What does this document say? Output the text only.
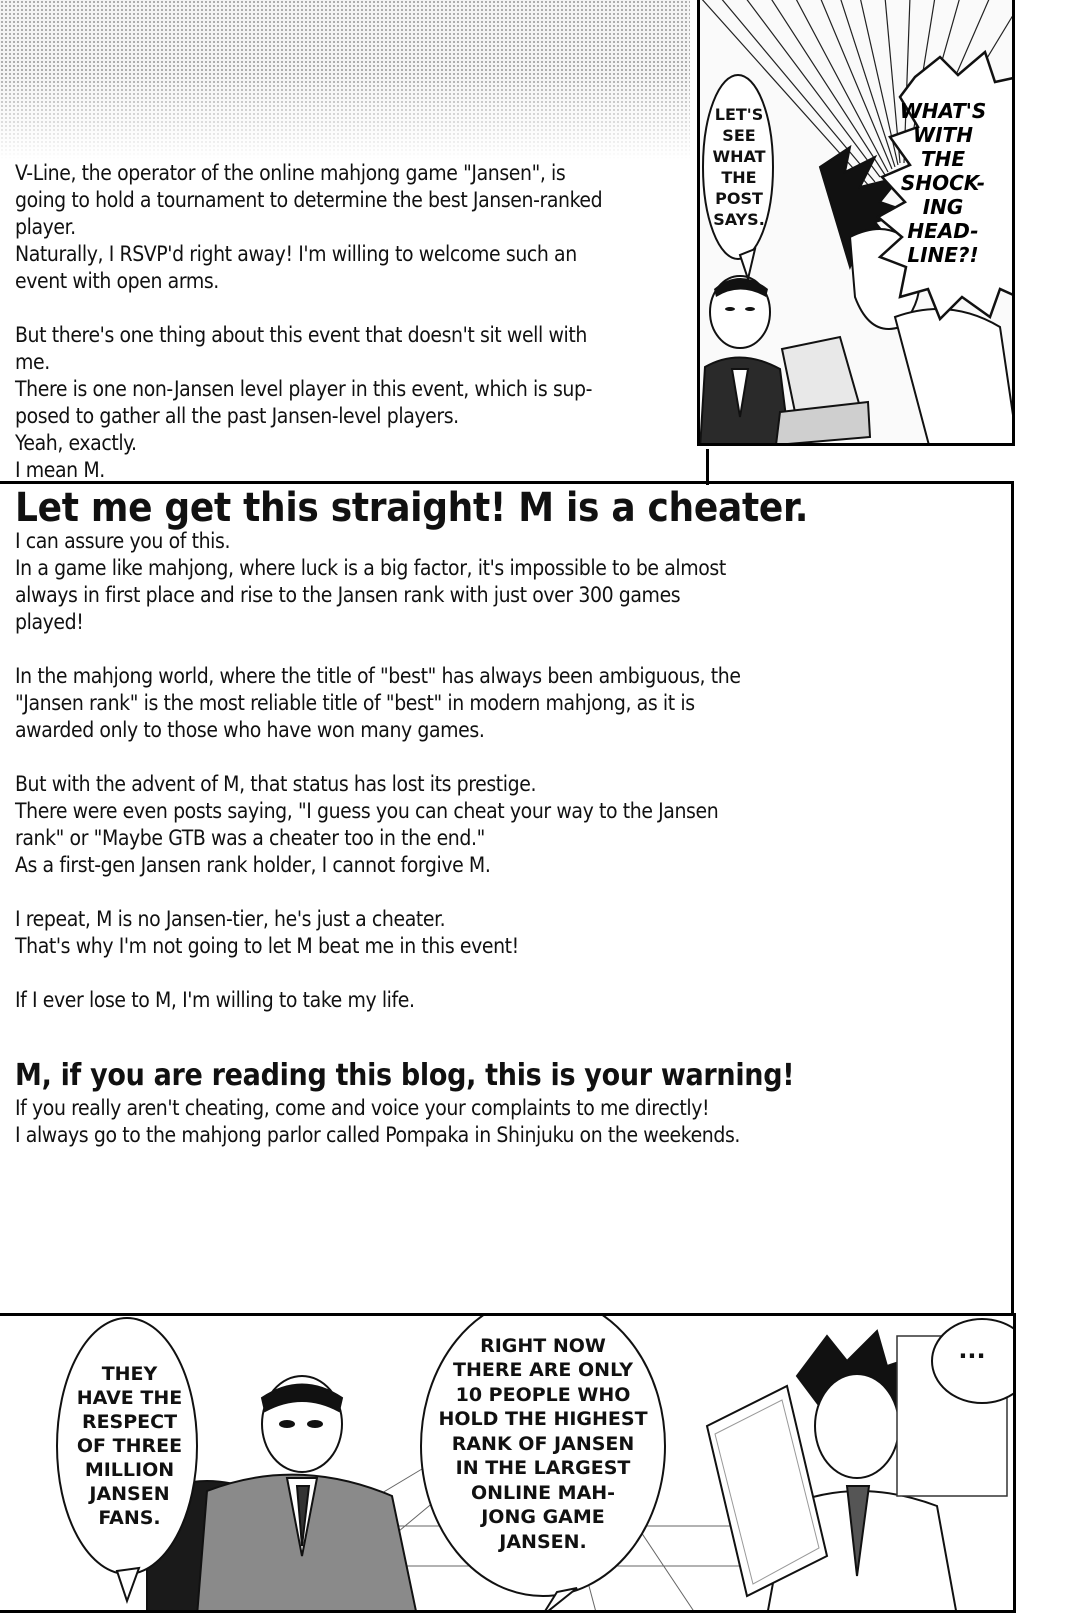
LET'S
SEE
WHAT
THE
POST
SAYS.
WHAT'S
WITH
THE
SHOCK-
ING
HEAD-
LINE?!

V-Line, the operator of the online mahjong game "Jansen", is
going to hold a tournament to determine the best Jansen-ranked
player.

Naturally, I RSVP'd right away! I'm willing to welcome such an
event with open arms.

But there's one thing about this event that doesn't sit well with
me.

There is one non-Jansen level player in this event, which is sup-
posed to gather all the past Jansen-level players.

Yeah, exactly.

I mean M.

Let me get this straight! M is a cheater.

I can assure you of this.

In a game like mahjong, where luck is a big factor, it's impossible to be almost
always in first place and rise to the Jansen rank with just over 300 games
played!

In the mahjong world, where the title of "best" has always been ambiguous, the
"Jansen rank" is the most reliable title of "best" in modern mahjong, as it is
awarded only to those who have won many games.

But with the advent of M, that status has lost its prestige.

There were even posts saying, "I guess you can cheat your way to the Jansen
rank" or "Maybe GTB was a cheater too in the end."

As a first-gen Jansen rank holder, I cannot forgive M.

I repeat, M is no Jansen-tier, he's just a cheater.

That's why I'm not going to let M beat me in this event!

If I ever lose to M, I'm willing to take my life.

M, if you are reading this blog, this is your warning!

If you really aren't cheating, come and voice your complaints to me directly!

I always go to the mahjong parlor called Pompaka in Shinjuku on the weekends.

THEY
HAVE THE
RESPECT
OF THREE
MILLION
JANSEN
FANS.
RIGHT NOW
THERE ARE ONLY
10 PEOPLE WHO
HOLD THE HIGHEST
RANK OF JANSEN
IN THE LARGEST
ONLINE MAH-
JONG GAME
JANSEN.
...
